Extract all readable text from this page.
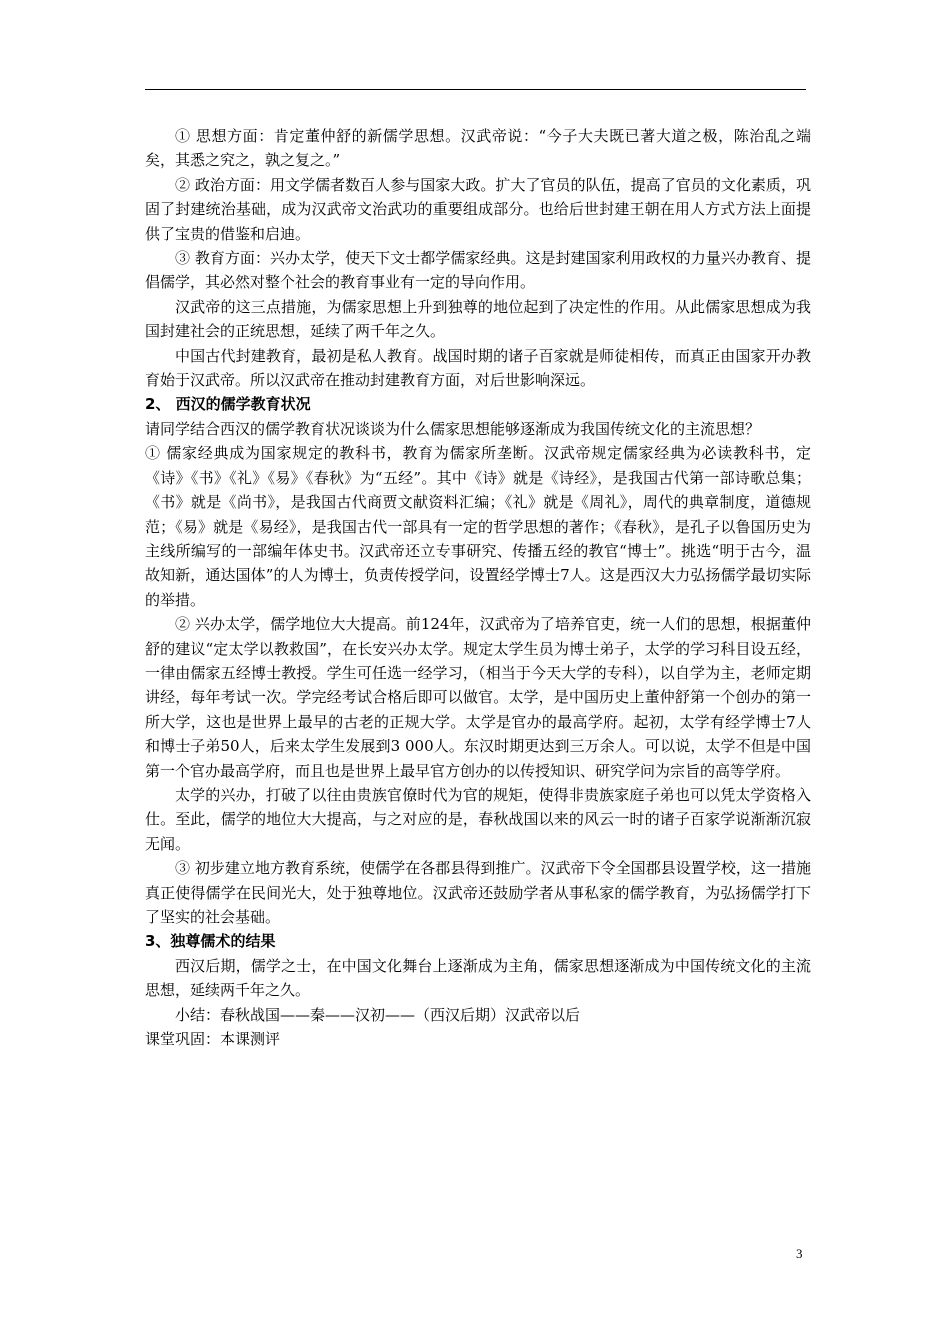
① 思想方面：肯定董仲舒的新儒学思想。汉武帝说：“今子大夫既已著大道之极，陈治乱之端矣，其悉之究之，孰之复之。”

② 政治方面：用文学儒者数百人参与国家大政。扩大了官员的队伍，提高了官员的文化素质，巩固了封建统治基础，成为汉武帝文治武功的重要组成部分。也给后世封建王朝在用人方式方法上面提供了宝贵的借鉴和启迪。

③ 教育方面：兴办太学，使天下文士都学儒家经典。这是封建国家利用政权的力量兴办教育、提倡儒学，其必然对整个社会的教育事业有一定的导向作用。

汉武帝的这三点措施，为儒家思想上升到独尊的地位起到了决定性的作用。从此儒家思想成为我国封建社会的正统思想，延续了两千年之久。

中国古代封建教育，最初是私人教育。战国时期的诸子百家就是师徒相传，而真正由国家开办教育始于汉武帝。所以汉武帝在推动封建教育方面，对后世影响深远。

2、 西汉的儒学教育状况

请同学结合西汉的儒学教育状况谈谈为什么儒家思想能够逐渐成为我国传统文化的主流思想？

① 儒家经典成为国家规定的教科书，教育为儒家所垄断。汉武帝规定儒家经典为必读教科书，定《诗》《书》《礼》《易》《春秋》为“五经”。其中《诗》就是《诗经》，是我国古代第一部诗歌总集；《书》就是《尚书》，是我国古代商贾文献资料汇编；《礼》就是《周礼》，周代的典章制度，道德规范；《易》就是《易经》，是我国古代一部具有一定的哲学思想的著作；《春秋》，是孔子以鲁国历史为主线所编写的一部编年体史书。汉武帝还立专事研究、传播五经的教官“博士”。挑选“明于古今，温故知新，通达国体”的人为博士，负责传授学问，设置经学博士7人。这是西汉大力弘扬儒学最切实际的举措。

② 兴办太学，儒学地位大大提高。前124年，汉武帝为了培养官吏，统一人们的思想，根据董仲舒的建议“定太学以教救国”，在长安兴办太学。规定太学生员为博士弟子，太学的学习科目设五经，一律由儒家五经博士教授。学生可任选一经学习，（相当于今天大学的专科），以自学为主，老师定期讲经，每年考试一次。学完经考试合格后即可以做官。太学，是中国历史上董仲舒第一个创办的第一所大学，这也是世界上最早的古老的正规大学。太学是官办的最高学府。起初，太学有经学博士7人和博士子弟50人，后来太学生发展到3 000人。东汉时期更达到三万余人。可以说，太学不但是中国第一个官办最高学府，而且也是世界上最早官方创办的以传授知识、研究学问为宗旨的高等学府。

太学的兴办，打破了以往由贵族官僚时代为官的规矩，使得非贵族家庭子弟也可以凭太学资格入仕。至此，儒学的地位大大提高，与之对应的是，春秋战国以来的风云一时的诸子百家学说渐渐沉寂无闻。

③ 初步建立地方教育系统，使儒学在各郡县得到推广。汉武帝下令全国郡县设置学校，这一措施真正使得儒学在民间光大，处于独尊地位。汉武帝还鼓励学者从事私家的儒学教育，为弘扬儒学打下了坚实的社会基础。

3、独尊儒术的结果

西汉后期，儒学之士，在中国文化舞台上逐渐成为主角，儒家思想逐渐成为中国传统文化的主流思想，延续两千年之久。

小结：春秋战国——秦——汉初——（西汉后期）汉武帝以后

课堂巩固：本课测评

3
